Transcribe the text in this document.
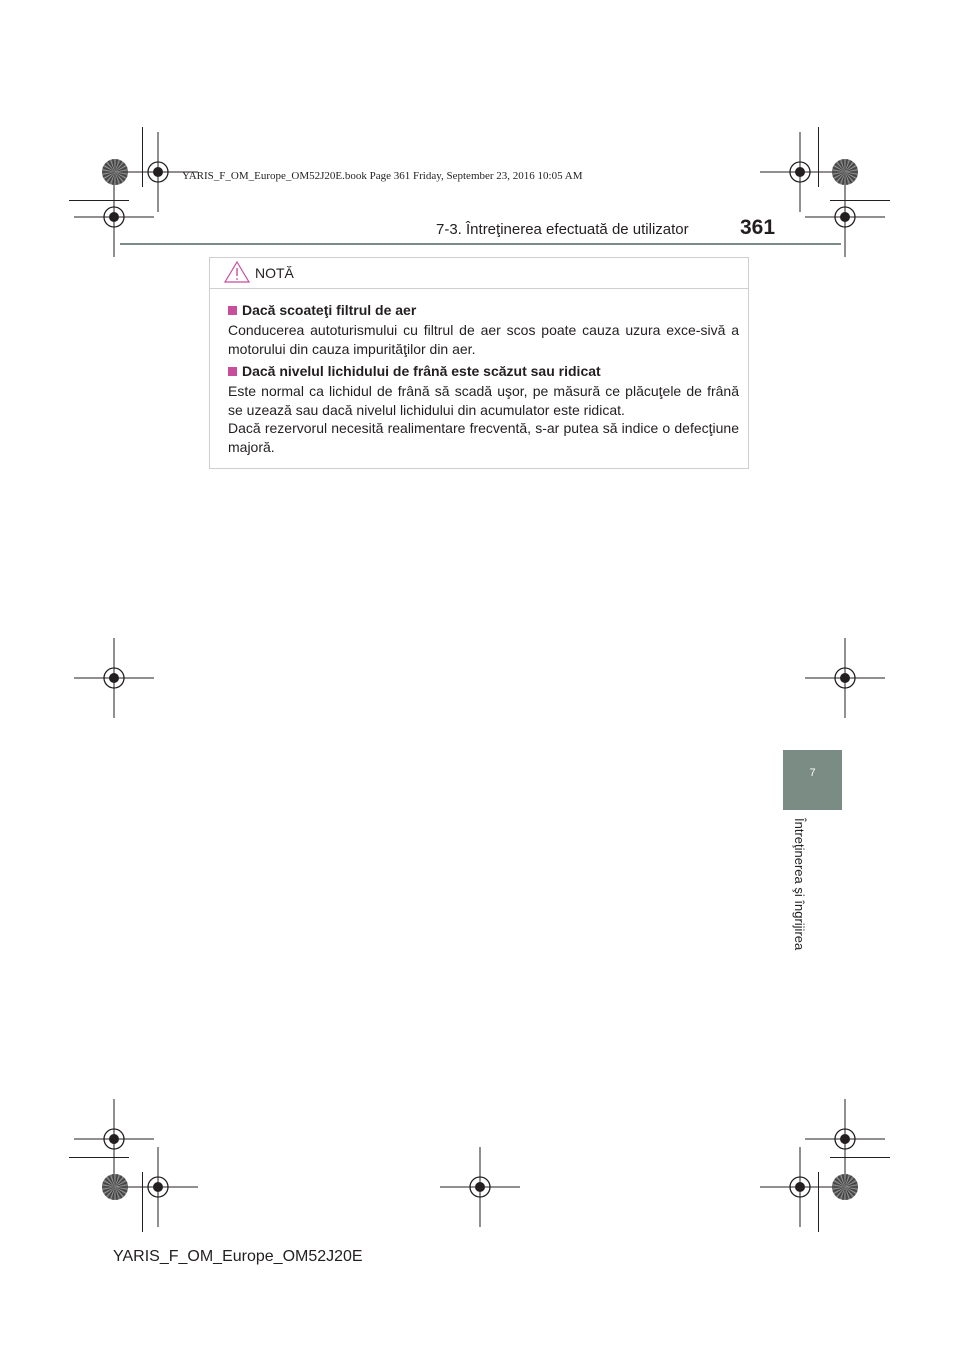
YARIS_F_OM_Europe_OM52J20E.book Page 361 Friday, September 23, 2016 10:05 AM
7-3. Întreţinerea efectuată de utilizator 361
NOTĂ
Dacă scoateţi filtrul de aer
Conducerea autoturismului cu filtrul de aer scos poate cauza uzura exce-sivă a motorului din cauza impurităţilor din aer.
Dacă nivelul lichidului de frână este scăzut sau ridicat
Este normal ca lichidul de frână să scadă uşor, pe măsură ce plăcuţele de frână se uzează sau dacă nivelul lichidului din acumulator este ridicat.
Dacă rezervorul necesită realimentare frecventă, s-ar putea să indice o defecţiune majoră.
7
Întreţinerea şi îngrijirea
YARIS_F_OM_Europe_OM52J20E
